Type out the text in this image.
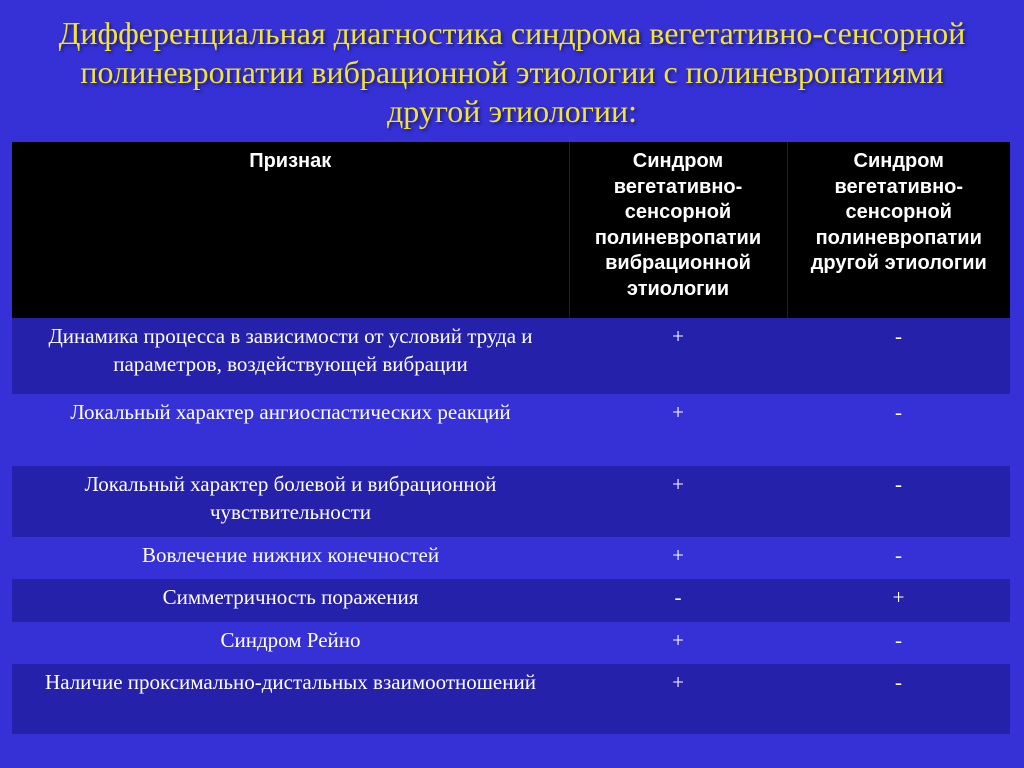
Дифференциальная диагностика синдрома вегетативно-сенсорной полиневропатии вибрационной этиологии с полиневропатиями другой этиологии:
Признак	Синдром вегетативно-сенсорной полиневропатии вибрационной этиологии	Синдром вегетативно-сенсорной полиневропатии другой этиологии
Динамика процесса в зависимости от условий труда и параметров, воздействующей вибрации	+	-
Локальный характер ангиоспастических реакций	+	-
Локальный характер болевой и вибрационной чувствительности	+	-
Вовлечение нижних конечностей	+	-
Симметричность поражения	-	+
Синдром Рейно	+	-
Наличие проксимально-дистальных взаимоотношений	+	-
